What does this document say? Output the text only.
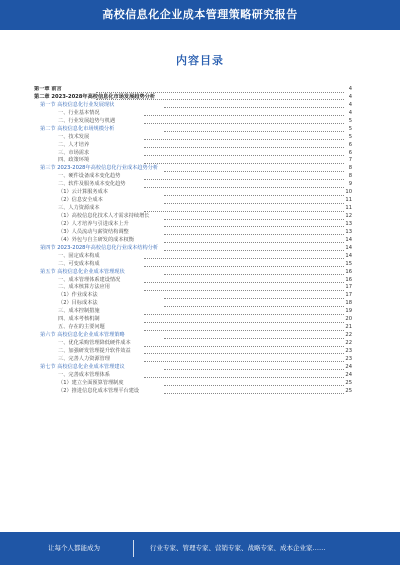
高校信息化企业成本管理策略研究报告
内容目录
第一章 前言	4
第二章 2023-2028年高校信息化市场发展趋势分析	4
第一节 高校信息化行业发展现状	4
一、行业基本情况	4
二、行业发展趋势与机遇	5
第二节 高校信息化市场规模分析	5
一、技术发展	5
二、人才培养	6
三、市场需求	6
四、政策环境	7
第三节 2023-2028年高校信息化行业成本趋势分析	8
一、硬件设备成本变化趋势	8
二、软件及服务成本变化趋势	9
（1）云计算服务成本	10
（2）信息安全成本	11
三、人力资源成本	11
（1）高校信息化技术人才需求持续增长	12
（2）人才培养与引进成本上升	13
（3）人员流动与薪资结构调整	13
（4）外包与自主研发的成本权衡	14
第四节 2023-2028年高校信息化行业成本结构分析	14
一、固定成本构成	14
二、可变成本构成	15
第五节 高校信息化企业成本管理现状	16
一、成本管理体系建设情况	16
二、成本核算方法应用	17
（1）作业成本法	17
（2）目标成本法	18
三、成本控制措施	19
四、成本考核机制	20
五、存在的主要问题	21
第六节 高校信息化企业成本管理策略	22
一、优化采购管理降低硬件成本	22
二、加强研发管理提升软件效益	23
三、完善人力资源管理	23
第七节 高校信息化企业成本管理建议	24
一、完善成本管理体系	24
（1）建立全面预算管理制度	25
（2）推进信息化成本管理平台建设	25
让每个人都能成为	行业专家、管理专家、营销专家、战略专家、成本企业家……
